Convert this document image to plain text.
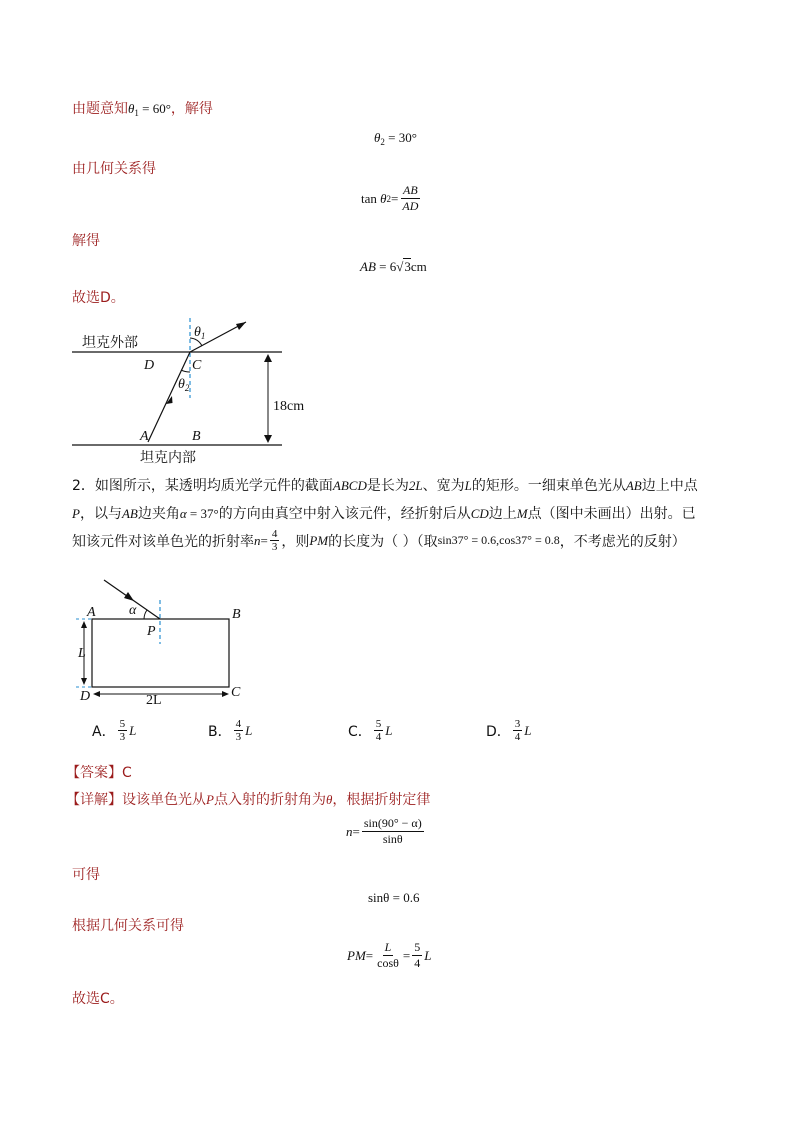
由题意知$\theta_1 = 60^\circ$，解得
$\theta_2 = 30^\circ$
由几何关系得
tan
θ $2 = \frac{AB}{AD}$
解得
AB = 6√3cm
故选D。
坦克外部
坦克内部
D	C
A	B
$\theta_1$
$\theta_2$
18cm
2．如图所示，某透明均质光学元件的截面ABCD是长为2L、宽为L的矩形。一细束单色光从AB边上中点
P，以与AB边夹角α = 37°的方向由真空中射入该元件，经折射后从CD边上M点（图中未画出）出射。已
知该元件对该单色光的折射率 $n = \frac{4}{3}$ ，则 PM 的长度为（ ）（取 sin37° = 0.6,cos37° = 0.8 ，不考虑光的反射）
A	B
C
D
P
α
L
2L
A． $\frac{5}{3}$ L	B． $\frac{4}{3}$ L	C． $\frac{5}{4}$ L	D． $\frac{3}{4}$ L
【答案】C
【详解】设该单色光从P点入射的折射角为θ，根据折射定律
$n = \frac{\sin(90^\circ - \alpha)}{\sin\theta}$
可得
sinθ = 0.6
根据几何关系可得
PM = $\frac{L}{\cos\theta} = \frac{5}{4}$ L
故选C。
